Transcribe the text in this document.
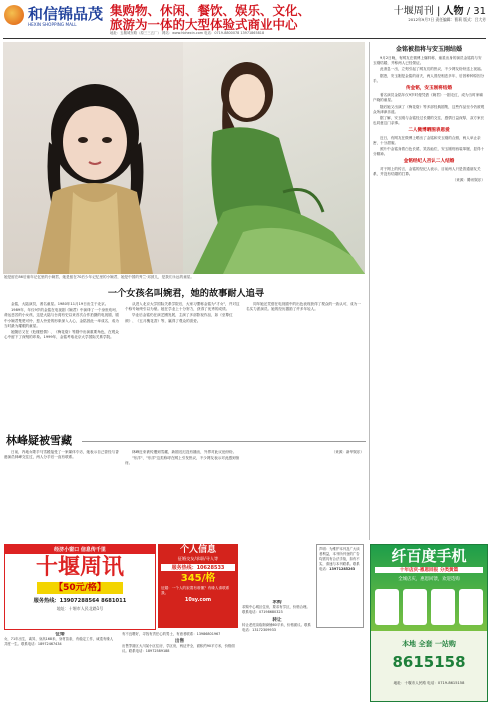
和信锦品茂
HEXIN SHOPPING MALL
集购物、休闲、餐饮、娱乐、文化、
旅游为一体的大型体验式商业中心
地址：五堰城东路（原三三五厂） 网站：www.hbhexin.com 电话：0719-8800078 13971865818
十堰周刊 | 人物 / 31
2012年9月7日 责任编辑：曹莉 版式：吕大芳
她是留在86后童年记忆里的小婉君，她是留在70后少年记忆里的小婉君，她是中国的秀兰·邓波儿，是我们永远的童星。
一个女孩名叫婉君，她的故事耐人追寻

金铭，大陆演员，著名童星。1980年11月19日出生于北京。

1989年，年仅9岁的金铭在电视剧《婉君》中演绎了一个身世坎坷、命运悲苦的小女孩，这是大陆与台湾有史以来首次合作拍摄的电视剧，剧中小婉君楚楚可怜、惹人怜爱的形象深入人心，金铭因此一举成名，成为当时最为耀眼的童星。

她随后又在《危楼愁情》、《梅花烙》等剧中出演重要角色，在观众心中留下了深刻的印象。1999年，金铭考取北京大学国际关系学院。

从进入北京大学国际关系学院后，大家习惯称金铭为"才女"，并对这个称号始终引以为豪。她在学业上十分努力，获得了优秀的成绩。

毕业后金铭仍在演艺圈发展，主演了多部影视作品，如《至尊红颜》、《五月槐花香》等，赢得了观众的喜爱。

同年她还凭借在电视剧中的出色表现获得了观众的一致认可，成为一名实力派演员。她的经历激励了许多年轻人。

林峰疑被雪藏

日前，内地女歌手马雪媛接受了一家媒体专访，她表示自己曾经与香港演员林峰交往过，两人分手后一直有联系。

林峰近来被传遭到雪藏，新剧迟迟没有播出，外界对此议论纷纷。

"东洋"、"东洋"这类称呼在网上引发热议，不少网友表示对此感到惊讶。

（来源：新华娱乐）

金铭被指将与安玉刚结婚

9月2日晚，有网友在微博上爆料称，童星出身的演员金铭将与安玉刚结婚，并称两人已经领证。

此消息一出，立刻引起了网友们的热议，不少网友纷纷送上祝福。

据悉，安玉刚是金铭的前夫，两人曾经相恋多年，后因种种原因分手。

传金铭，安玉刚将结婚

著名演员金铭年仅9岁时便凭借《婉君》一剧走红，成为当时家喻户晓的童星。

随后她又出演了《梅花烙》等多部经典剧集，这些作品至今仍被观众所津津乐道。

据了解，安玉刚与金铭经过长期的交往，感情日益深厚，双方家长也同意这门亲事。

二人微博晒图表恩爱

近日，有网友在微博上晒出了金铭和安玉刚的合照，两人举止亲密，十分甜蜜。

照片中金铭身着白色长裙，笑容灿烂，安玉刚则西装革履，显得十分精神。

金铭经纪人否认二人结婚

对于网上的传言，金铭的经纪人表示，目前两人只是普通朋友关系，并没有结婚的打算。

（来源：腾讯娱乐）

经济小窗口 信息传千里
十堰周讯
【50元/格】
服务热线：13907288564 8681011
地址：十堰市人民北路1号
征婚
女，71年出生，离异，身高168米，身材苗条，有稳定工作，诚觅有缘人共度一生。联系电话：18972467434
有不良嗜好，寻找有责任心的男士，有意者联系：13986801967
出售
出售茅箭区大川某小区住房，学区房，两证齐全，面积约90平方米，价格面议。联系电话：18972589188
个人信息
征婚交友/求职/寻人等
服务热线：10628533
345/格
征婚：一个人的寂寞有谁懂？有缘人请联系我。
10sy.com	求购
求购中心城区住房，要求有学区，价格合理。联系电话：07198680323
转让
转让老虎沟临街商铺60平米，价格面议。联系电话：13172309933
声明：为维护本刊及广大读者利益，本刊所刊登的广告均需具有合法手续，如有不实，请速与本刊联系。联系电话：13971285263
纤百度手机
十年店庆·惠恩回报 分类黄篇
全城店庆，惠恩回馈，欢迎选购
本地 全套 一站购
8615158
地址：十堰市人民路 电话：0719-8615158
